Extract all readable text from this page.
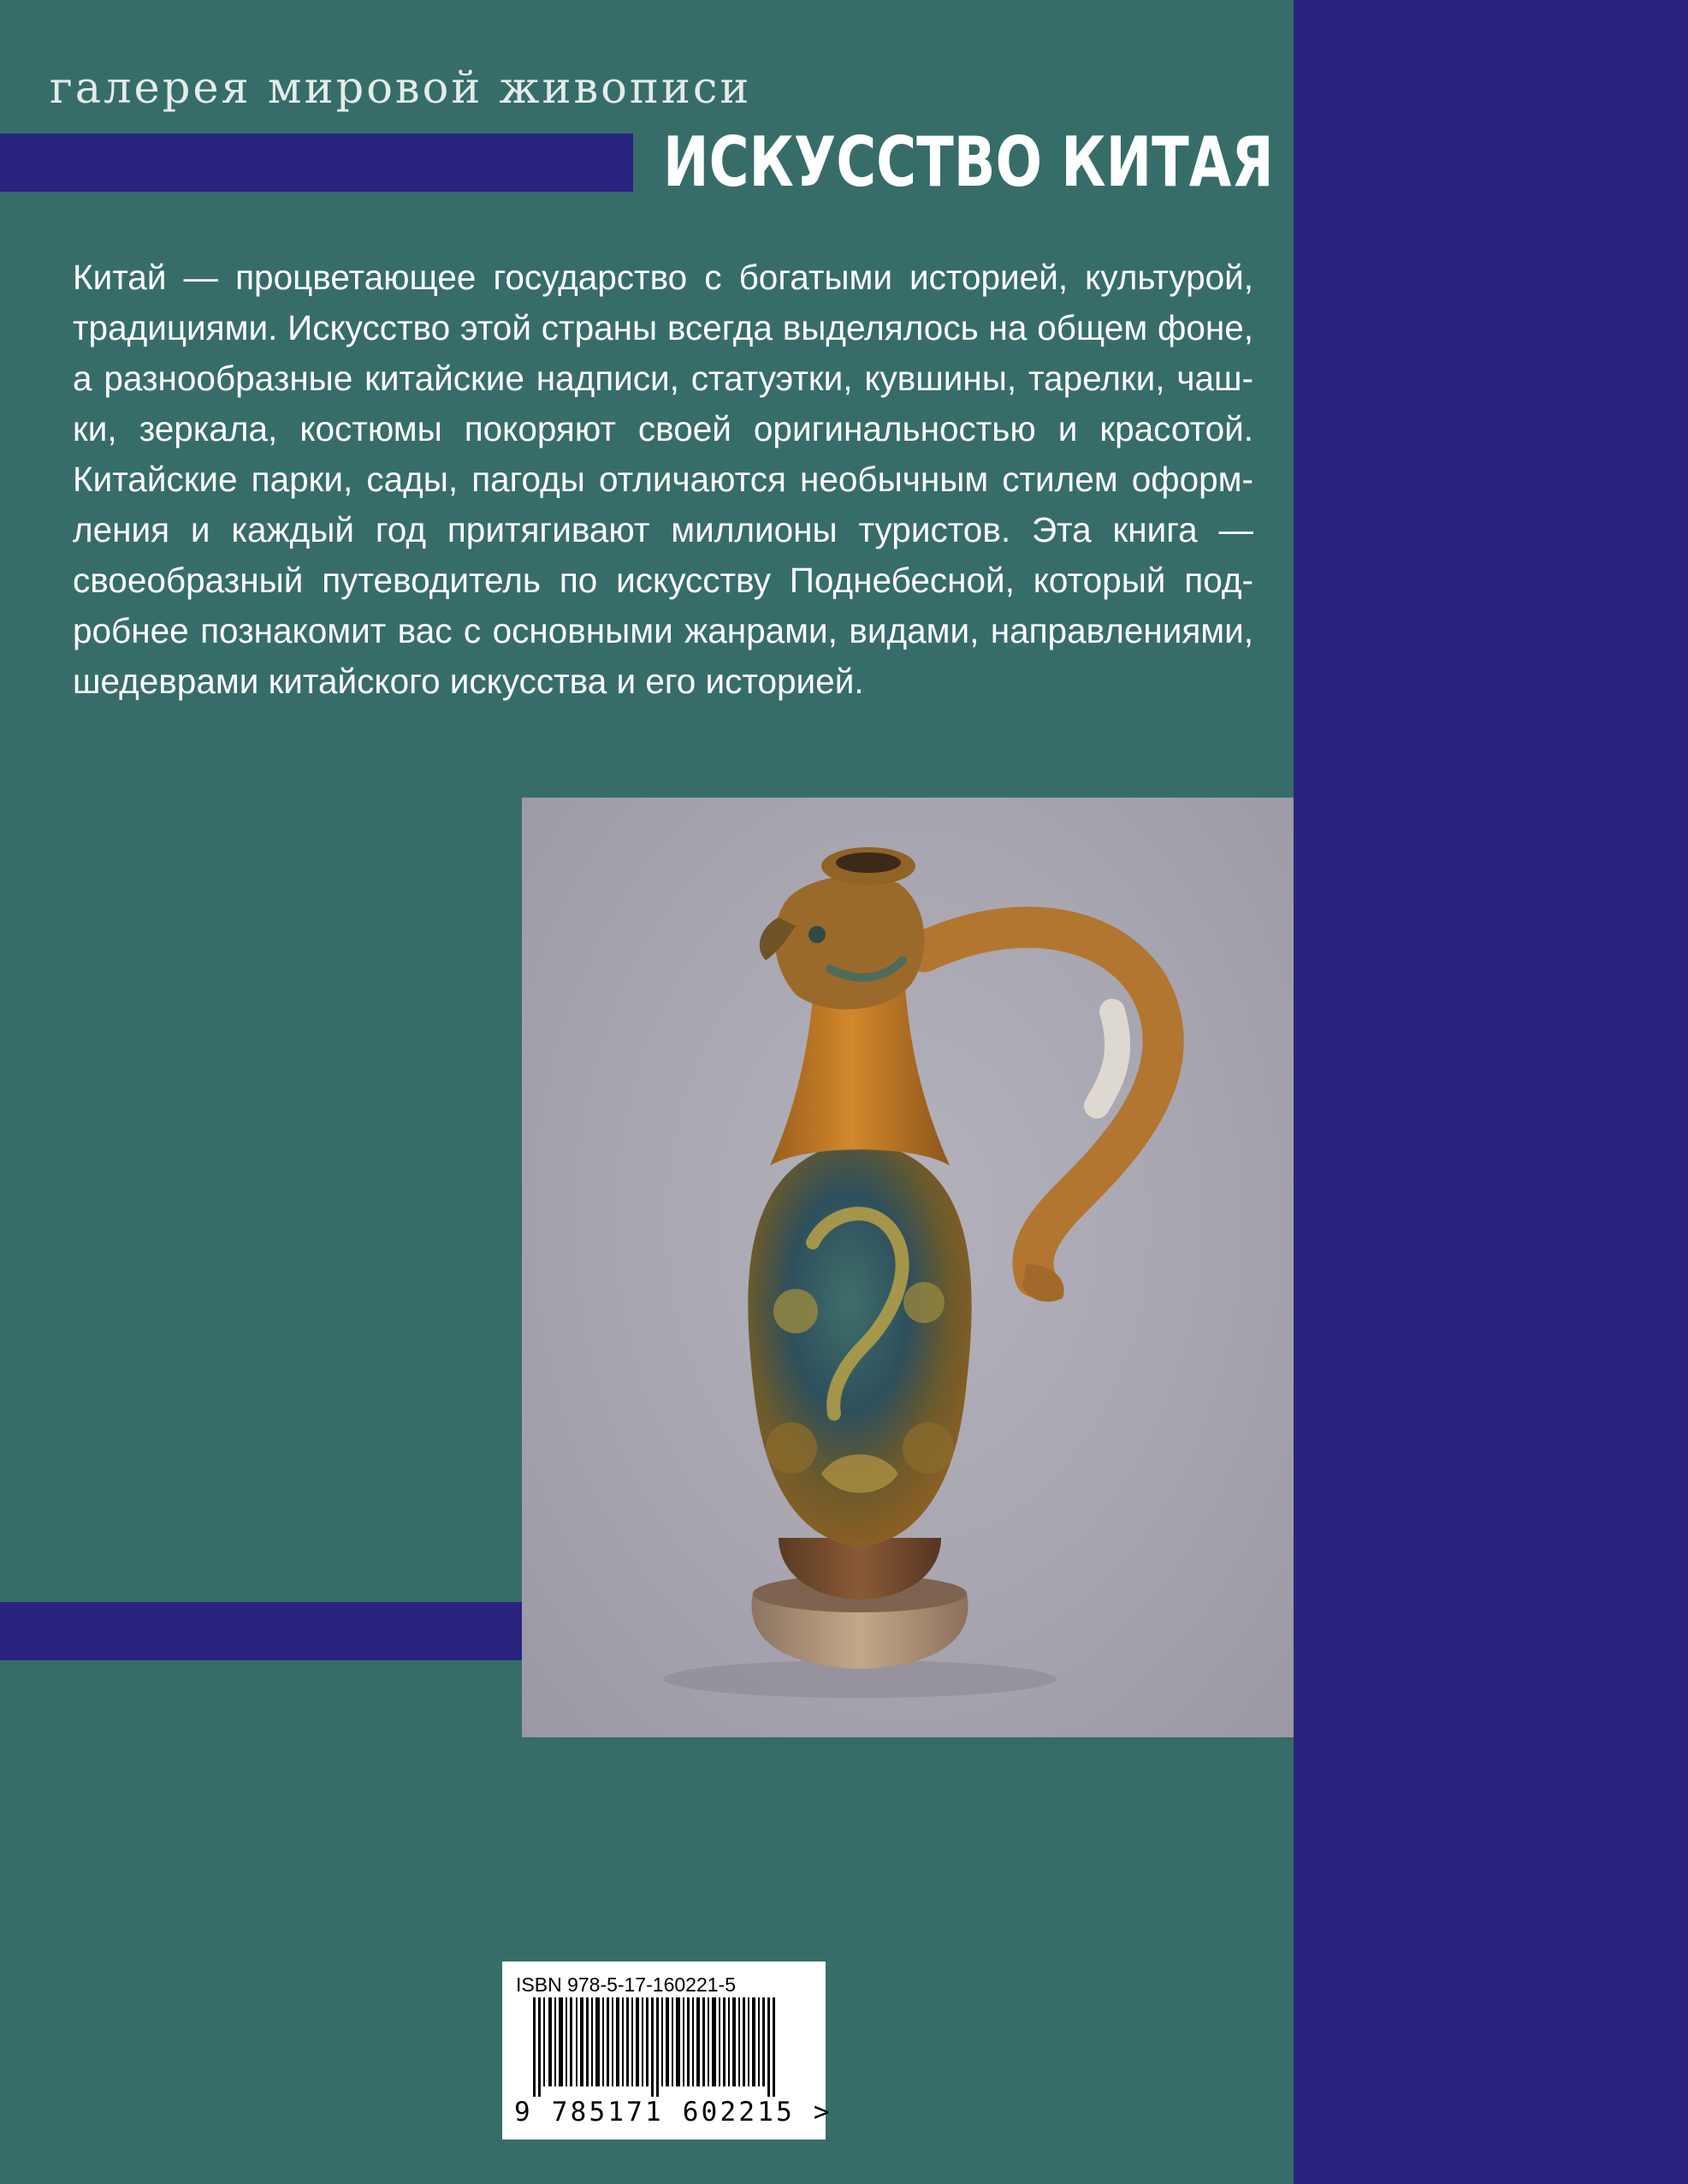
галерея мировой живописи
ИСКУССТВО КИТАЯ

Китай — процветающее государство с богатыми историей, культурой, традициями. Искусство этой страны всегда выделялось на общем фоне, а разнообразные китайские надписи, статуэтки, кувшины, тарелки, чашки, зеркала, костюмы покоряют своей оригинальностью и красотой. Китайские парки, сады, пагоды отличаются необычным стилем оформления и каждый год притягивают миллионы туристов. Эта книга — своеобразный путеводитель по искусству Поднебесной, который подробнее познакомит вас с основными жанрами, видами, направлениями, шедеврами китайского искусства и его историей.

ISBN 978-5-17-160221-5
9 785171 602215 >
